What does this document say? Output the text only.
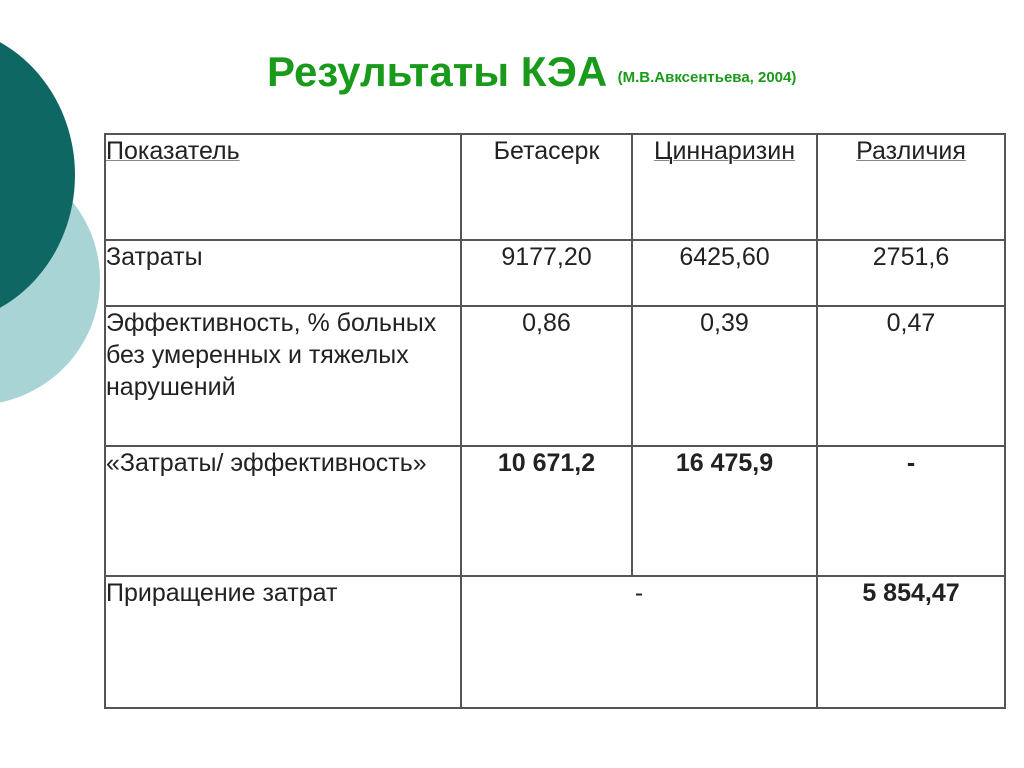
Результаты КЭА (М.В.Авксентьева, 2004)
Показатель	Бетасерк	Циннаризин	Различия
Затраты	9177,20	6425,60	2751,6
Эффективность, % больных без умеренных и тяжелых нарушений	0,86	0,39	0,47
«Затраты/ эффективность»	10 671,2	16 475,9	-
Приращение затрат	-		5 854,47
